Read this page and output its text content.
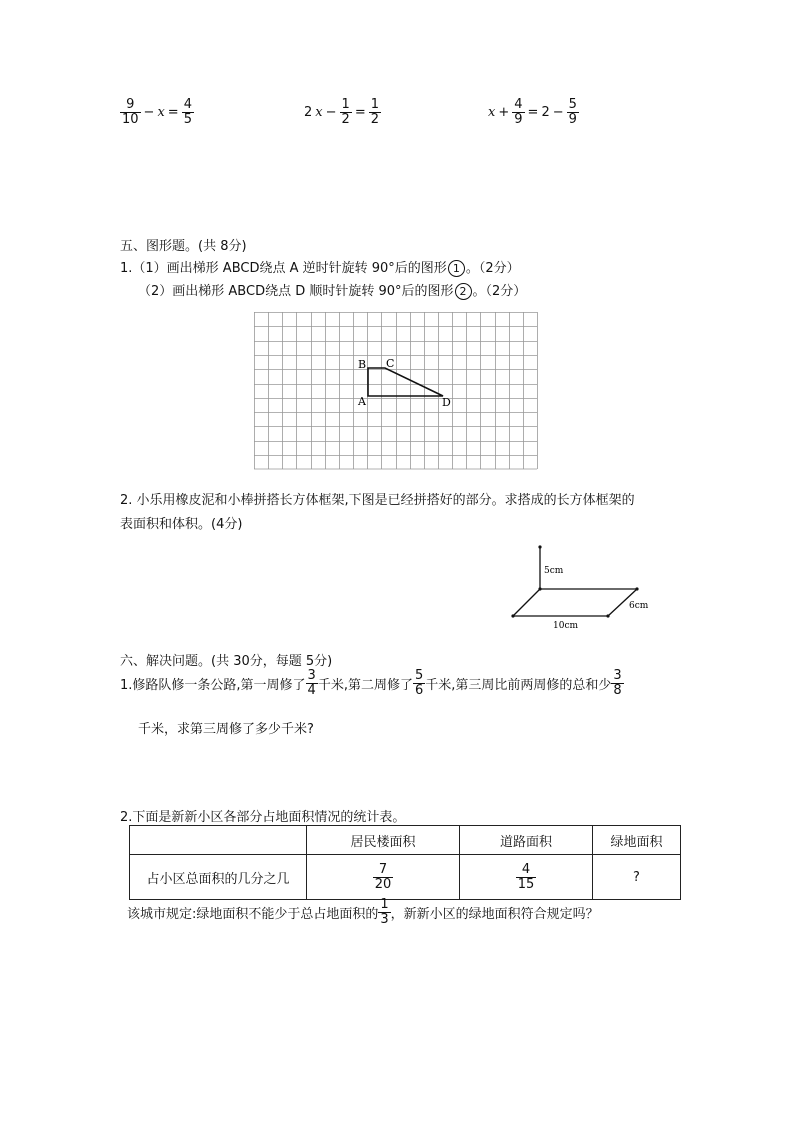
$\frac{9}{10} - x = \frac{4}{5}$	2 $x - \frac{1}{2} = \frac{1}{2}$	$x + \frac{4}{9} = 2 - \frac{5}{9}$
五、图形题。(共 8分)
1.（1）画出梯形 ABCD绕点 A 逆时针旋转 90°后的图形 1 。（2分）
（2）画出梯形 ABCD绕点 D 顺时针旋转 90°后的图形 2 。（2分）
B C
A	D
2. 小乐用橡皮泥和小棒拼搭长方体框架,下图是已经拼搭好的部分。求搭成的长方体框架的
表面积和体积。(4分)
5cm
6cm
10cm
六、解决问题。(共 30分，每题 5分)
1.修路队修一条公路,第一周修了 $\frac{3}{4}$ 千米,第二周修了 $\frac{5}{6}$ 千米,第三周比前两周修的总和少 $\frac{3}{8}$
千米，求第三周修了多少千米?
2.下面是新新小区各部分占地面积情况的统计表。
	居民楼面积	道路面积	绿地面积
占小区总面积的几分之几	$\frac{7}{20}$	$\frac{4}{15}$	?
该城市规定:绿地面积不能少于总占地面积的 $\frac{1}{3}$ ，新新小区的绿地面积符合规定吗？
